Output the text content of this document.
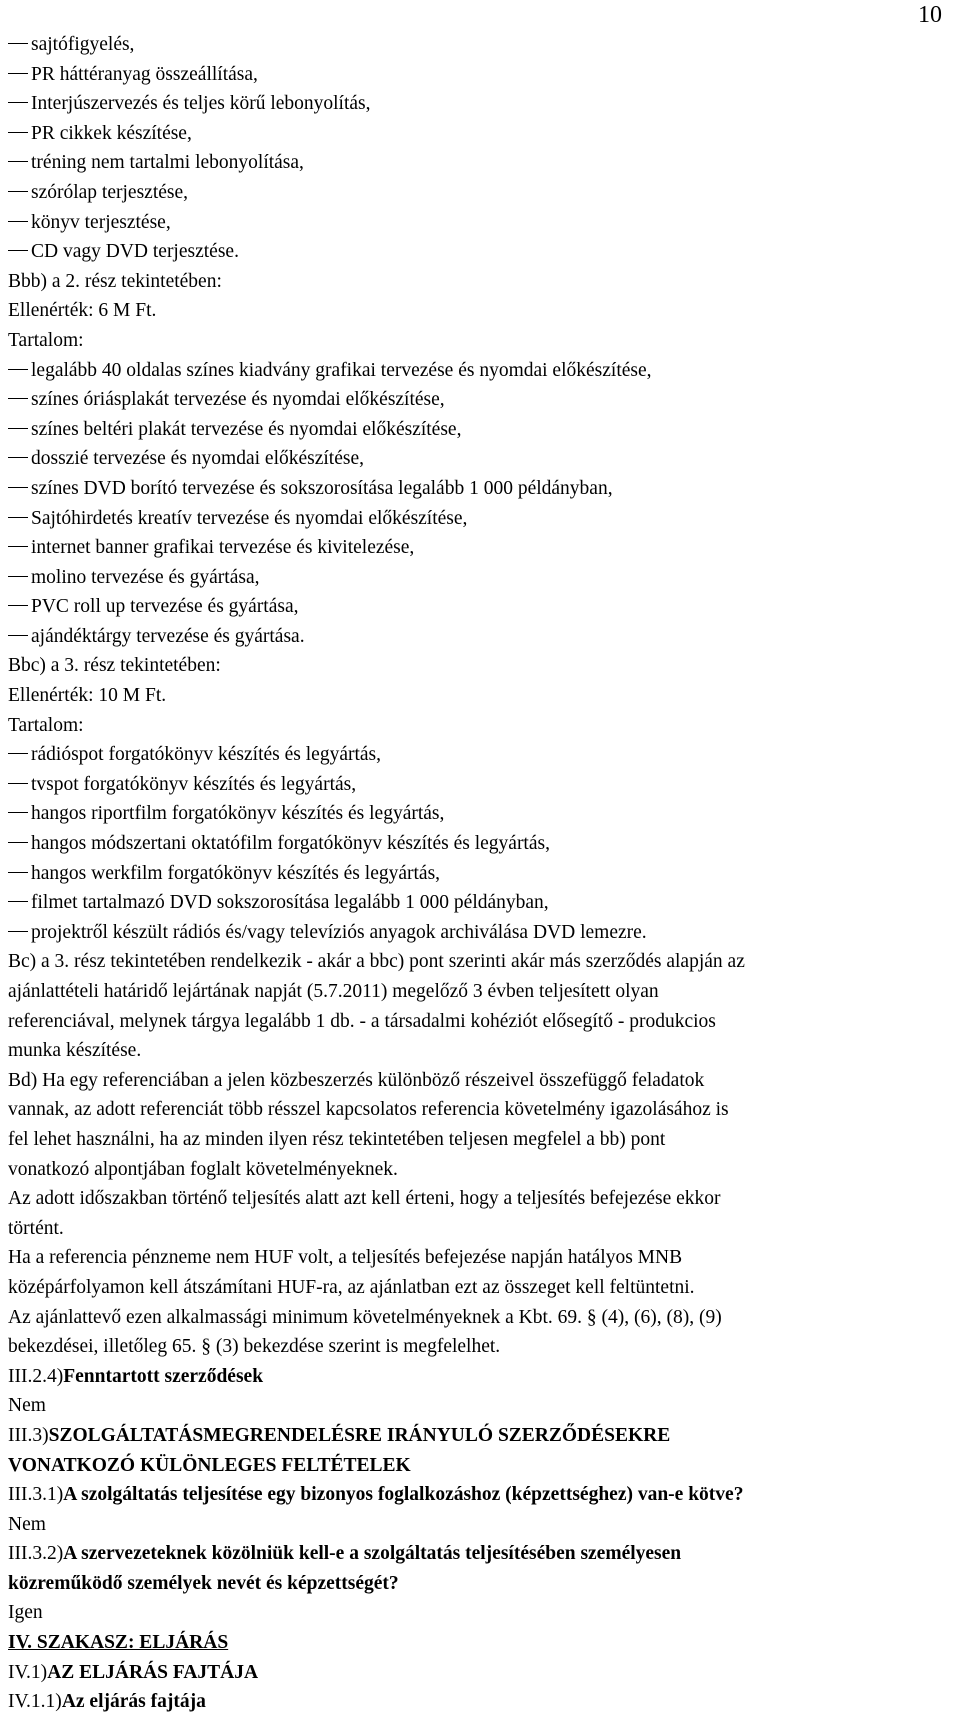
10
sajtófigyelés,
PR háttéranyag összeállítása,
Interjúszervezés és teljes körű lebonyolítás,
PR cikkek készítése,
tréning nem tartalmi lebonyolítása,
szórólap terjesztése,
könyv terjesztése,
CD vagy DVD terjesztése.
Bbb) a 2. rész tekintetében:
Ellenérték: 6 M Ft.
Tartalom:
legalább 40 oldalas színes kiadvány grafikai tervezése és nyomdai előkészítése,
színes óriásplakát tervezése és nyomdai előkészítése,
színes beltéri plakát tervezése és nyomdai előkészítése,
dosszié tervezése és nyomdai előkészítése,
színes DVD borító tervezése és sokszorosítása legalább 1 000 példányban,
Sajtóhirdetés kreatív tervezése és nyomdai előkészítése,
internet banner grafikai tervezése és kivitelezése,
molino tervezése és gyártása,
PVC roll up tervezése és gyártása,
ajándéktárgy tervezése és gyártása.
Bbc) a 3. rész tekintetében:
Ellenérték: 10 M Ft.
Tartalom:
rádióspot forgatókönyv készítés és legyártás,
tvspot forgatókönyv készítés és legyártás,
hangos riportfilm forgatókönyv készítés és legyártás,
hangos módszertani oktatófilm forgatókönyv készítés és legyártás,
hangos werkfilm forgatókönyv készítés és legyártás,
filmet tartalmazó DVD sokszorosítása legalább 1 000 példányban,
projektről készült rádiós és/vagy televíziós anyagok archiválása DVD lemezre.
Bc) a 3. rész tekintetében rendelkezik - akár a bbc) pont szerinti akár más szerződés alapján az
ajánlattételi határidő lejártának napját (5.7.2011) megelőző 3 évben teljesített olyan
referenciával, melynek tárgya legalább 1 db. - a társadalmi kohéziót elősegítő - produkcios
munka készítése.
Bd) Ha egy referenciában a jelen közbeszerzés különböző részeivel összefüggő feladatok
vannak, az adott referenciát több résszel kapcsolatos referencia követelmény igazolásához is
fel lehet használni, ha az minden ilyen rész tekintetében teljesen megfelel a bb) pont
vonatkozó alpontjában foglalt követelményeknek.
Az adott időszakban történő teljesítés alatt azt kell érteni, hogy a teljesítés befejezése ekkor
történt.
Ha a referencia pénzneme nem HUF volt, a teljesítés befejezése napján hatályos MNB
középárfolyamon kell átszámítani HUF-ra, az ajánlatban ezt az összeget kell feltüntetni.
Az ajánlattevő ezen alkalmassági minimum követelményeknek a Kbt. 69. § (4), (6), (8), (9)
bekezdései, illetőleg 65. § (3) bekezdése szerint is megfelelhet.
III.2.4)Fenntartott szerződések
Nem
III.3)SZOLGÁLTATÁSMEGRENDELÉSRE IRÁNYULÓ SZERZŐDÉSEKRE
VONATKOZÓ KÜLÖNLEGES FELTÉTELEK
III.3.1)A szolgáltatás teljesítése egy bizonyos foglalkozáshoz (képzettséghez) van-e kötve?
Nem
III.3.2)A szervezeteknek közölniük kell-e a szolgáltatás teljesítésében személyesen
közreműködő személyek nevét és képzettségét?
Igen
IV. SZAKASZ: ELJÁRÁS
IV.1)AZ ELJÁRÁS FAJTÁJA
IV.1.1)Az eljárás fajtája
